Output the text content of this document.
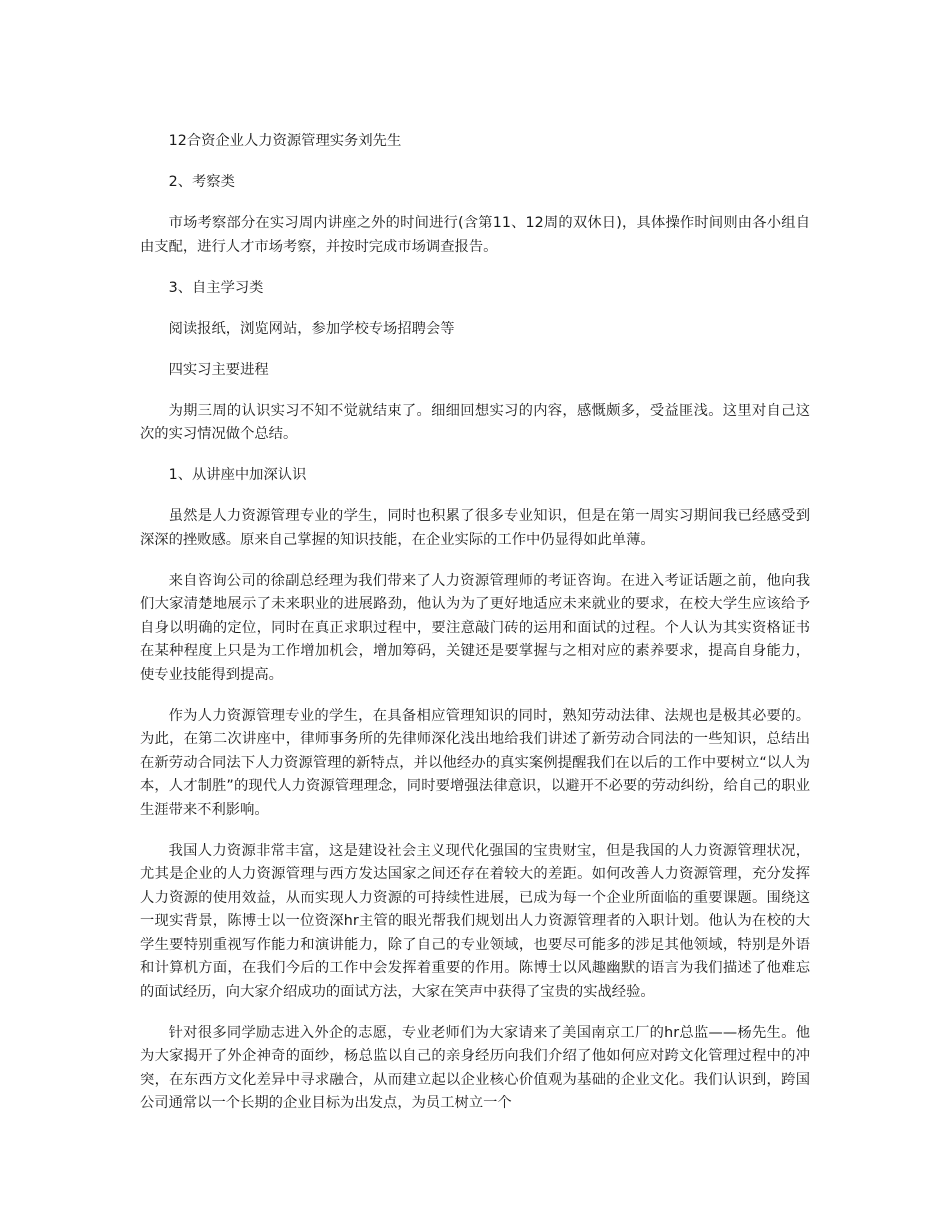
12合资企业人力资源管理实务刘先生

2、考察类

市场考察部分在实习周内讲座之外的时间进行(含第11、12周的双休日)，具体操作时间则由各小组自由支配，进行人才市场考察，并按时完成市场调查报告。

3、自主学习类

阅读报纸，浏览网站，参加学校专场招聘会等

四实习主要进程

为期三周的认识实习不知不觉就结束了。细细回想实习的内容，感慨颇多，受益匪浅。这里对自己这次的实习情况做个总结。

1、从讲座中加深认识

虽然是人力资源管理专业的学生，同时也积累了很多专业知识，但是在第一周实习期间我已经感受到深深的挫败感。原来自己掌握的知识技能，在企业实际的工作中仍显得如此单薄。

来自咨询公司的徐副总经理为我们带来了人力资源管理师的考证咨询。在进入考证话题之前，他向我们大家清楚地展示了未来职业的进展路劲，他认为为了更好地适应未来就业的要求，在校大学生应该给予自身以明确的定位，同时在真正求职过程中，要注意敲门砖的运用和面试的过程。个人认为其实资格证书在某种程度上只是为工作增加机会，增加筹码，关键还是要掌握与之相对应的素养要求，提高自身能力，使专业技能得到提高。

作为人力资源管理专业的学生，在具备相应管理知识的同时，熟知劳动法律、法规也是极其必要的。为此，在第二次讲座中，律师事务所的先律师深化浅出地给我们讲述了新劳动合同法的一些知识，总结出在新劳动合同法下人力资源管理的新特点，并以他经办的真实案例提醒我们在以后的工作中要树立“以人为本，人才制胜”的现代人力资源管理理念，同时要增强法律意识，以避开不必要的劳动纠纷，给自己的职业生涯带来不利影响。

我国人力资源非常丰富，这是建设社会主义现代化强国的宝贵财宝，但是我国的人力资源管理状况，尤其是企业的人力资源管理与西方发达国家之间还存在着较大的差距。如何改善人力资源管理，充分发挥人力资源的使用效益，从而实现人力资源的可持续性进展，已成为每一个企业所面临的重要课题。围绕这一现实背景，陈博士以一位资深hr主管的眼光帮我们规划出人力资源管理者的入职计划。他认为在校的大学生要特别重视写作能力和演讲能力，除了自己的专业领域，也要尽可能多的涉足其他领域，特别是外语和计算机方面，在我们今后的工作中会发挥着重要的作用。陈博士以风趣幽默的语言为我们描述了他难忘的面试经历，向大家介绍成功的面试方法，大家在笑声中获得了宝贵的实战经验。

针对很多同学励志进入外企的志愿，专业老师们为大家请来了美国南京工厂的hr总监——杨先生。他为大家揭开了外企神奇的面纱，杨总监以自己的亲身经历向我们介绍了他如何应对跨文化管理过程中的冲突，在东西方文化差异中寻求融合，从而建立起以企业核心价值观为基础的企业文化。我们认识到，跨国公司通常以一个长期的企业目标为出发点，为员工树立一个
